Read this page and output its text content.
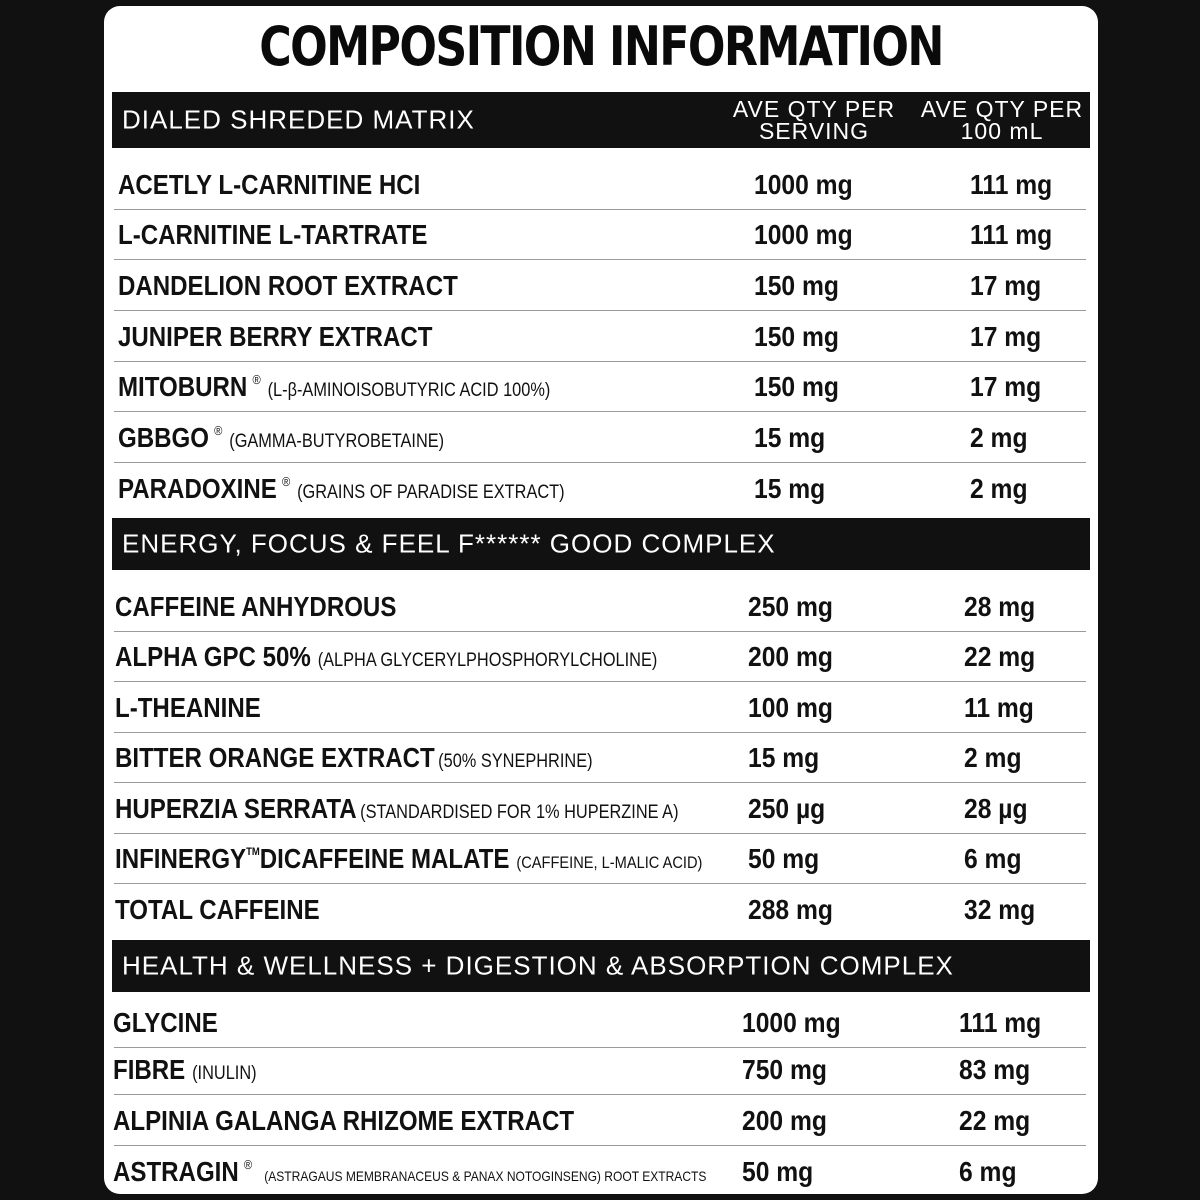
COMPOSITION INFORMATION
DIALED SHREDED MATRIX	AVE QTY PER
SERVING
AVE QTY PER
100 mL
ACETLY L-CARNITINE HCI	1000 mg	111 mg
L-CARNITINE L-TARTRATE	1000 mg	111 mg
DANDELION ROOT EXTRACT	150 mg	17 mg
JUNIPER BERRY EXTRACT	150 mg	17 mg
MITOBURN ®(L-β-AMINOISOBUTYRIC ACID 100%)	150 mg	17 mg
GBBGO ®(GAMMA-BUTYROBETAINE)	15 mg	2 mg
PARADOXINE ®(GRAINS OF PARADISE EXTRACT)	15 mg	2 mg
ENERGY, FOCUS & FEEL F****** GOOD COMPLEX
CAFFEINE ANHYDROUS	250 mg	28 mg
ALPHA GPC 50% (ALPHA GLYCERYLPHOSPHORYLCHOLINE)	200 mg	22 mg
L-THEANINE	100 mg	11 mg
BITTER ORANGE EXTRACT (50% SYNEPHRINE)	15 mg	2 mg
HUPERZIA SERRATA (STANDARDISED FOR 1% HUPERZINE A) 250 µg	28 µg
INFINERGY™DICAFFEINE MALATE (CAFFEINE, L-MALIC ACID) 50 mg	6 mg
TOTAL CAFFEINE	288 mg	32 mg
HEALTH & WELLNESS + DIGESTION & ABSORPTION COMPLEX
GLYCINE	1000 mg	111 mg
FIBRE (INULIN)	750 mg	83 mg
ALPINIA GALANGA RHIZOME EXTRACT	200 mg	22 mg
ASTRAGIN ®(ASTRAGAUS MEMBRANACEUS & PANAX NOTOGINSENG) ROOT EXTRACTS 50 mg	6 mg
